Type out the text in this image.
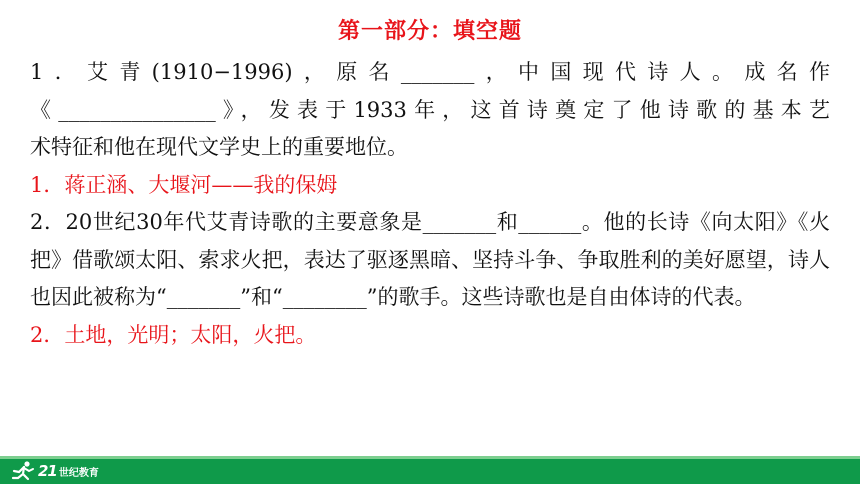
第一部分：填空题
1．艾青(1910−1996)，原名_______，中国现代诗人。成名作
《_______________》，发表于1933年，这首诗奠定了他诗歌的基本艺
术特征和他在现代文学史上的重要地位。
1．蒋正涵、大堰河——我的保姆
2．20世纪30年代艾青诗歌的主要意象是_______和______。他的长诗《向太阳》《火把》借歌颂太阳、索求火把，表达了驱逐黑暗、坚持斗争、争取胜利的美好愿望，诗人也因此被称为“_______”和“________”的歌手。这些诗歌也是自由体诗的代表。
2．土地，光明；太阳，火把。
21 世纪教育
